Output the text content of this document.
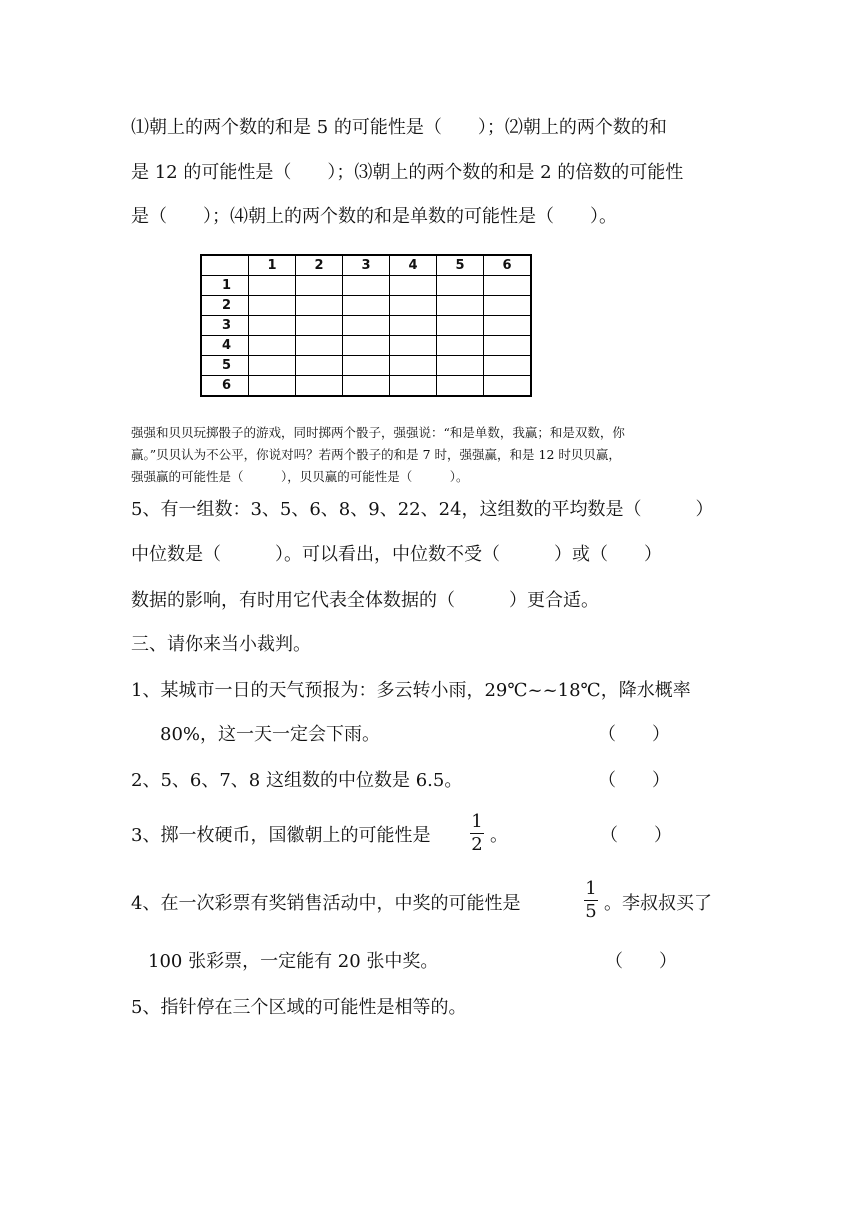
⑴朝上的两个数的和是 5 的可能性是（　　）；⑵朝上的两个数的和
是 12 的可能性是（　　）；⑶朝上的两个数的和是 2 的倍数的可能性
是（　　）；⑷朝上的两个数的和是单数的可能性是（　　）。
	1	2	3	4	5	6
1						
2						
3						
4						
5						
6						
强强和贝贝玩掷骰子的游戏，同时掷两个骰子，强强说：“和是单数，我赢；和是双数，你
赢。”贝贝认为不公平，你说对吗？若两个骰子的和是 7 时，强强赢，和是 12 时贝贝赢，
强强赢的可能性是（　　　），贝贝赢的可能性是（　　　）。
5、有一组数：3、5、6、8、9、22、24，这组数的平均数是（　　　）
中位数是（　　　）。可以看出，中位数不受（　　　）或（　　）
数据的影响，有时用它代表全体数据的（　　　）更合适。
三、请你来当小裁判。
1、某城市一日的天气预报为：多云转小雨，29℃~~18℃，降水概率
80%，这一天一定会下雨。	（　　）
2、5、6、7、8 这组数的中位数是 6.5。	（　　）
3、掷一枚硬币，国徽朝上的可能性是
1
2 。	（　　）
4、在一次彩票有奖销售活动中，中奖的可能性是
1
5 。李叔叔买了
100 张彩票，一定能有 20 张中奖。	（　　）
5、指针停在三个区域的可能性是相等的。
